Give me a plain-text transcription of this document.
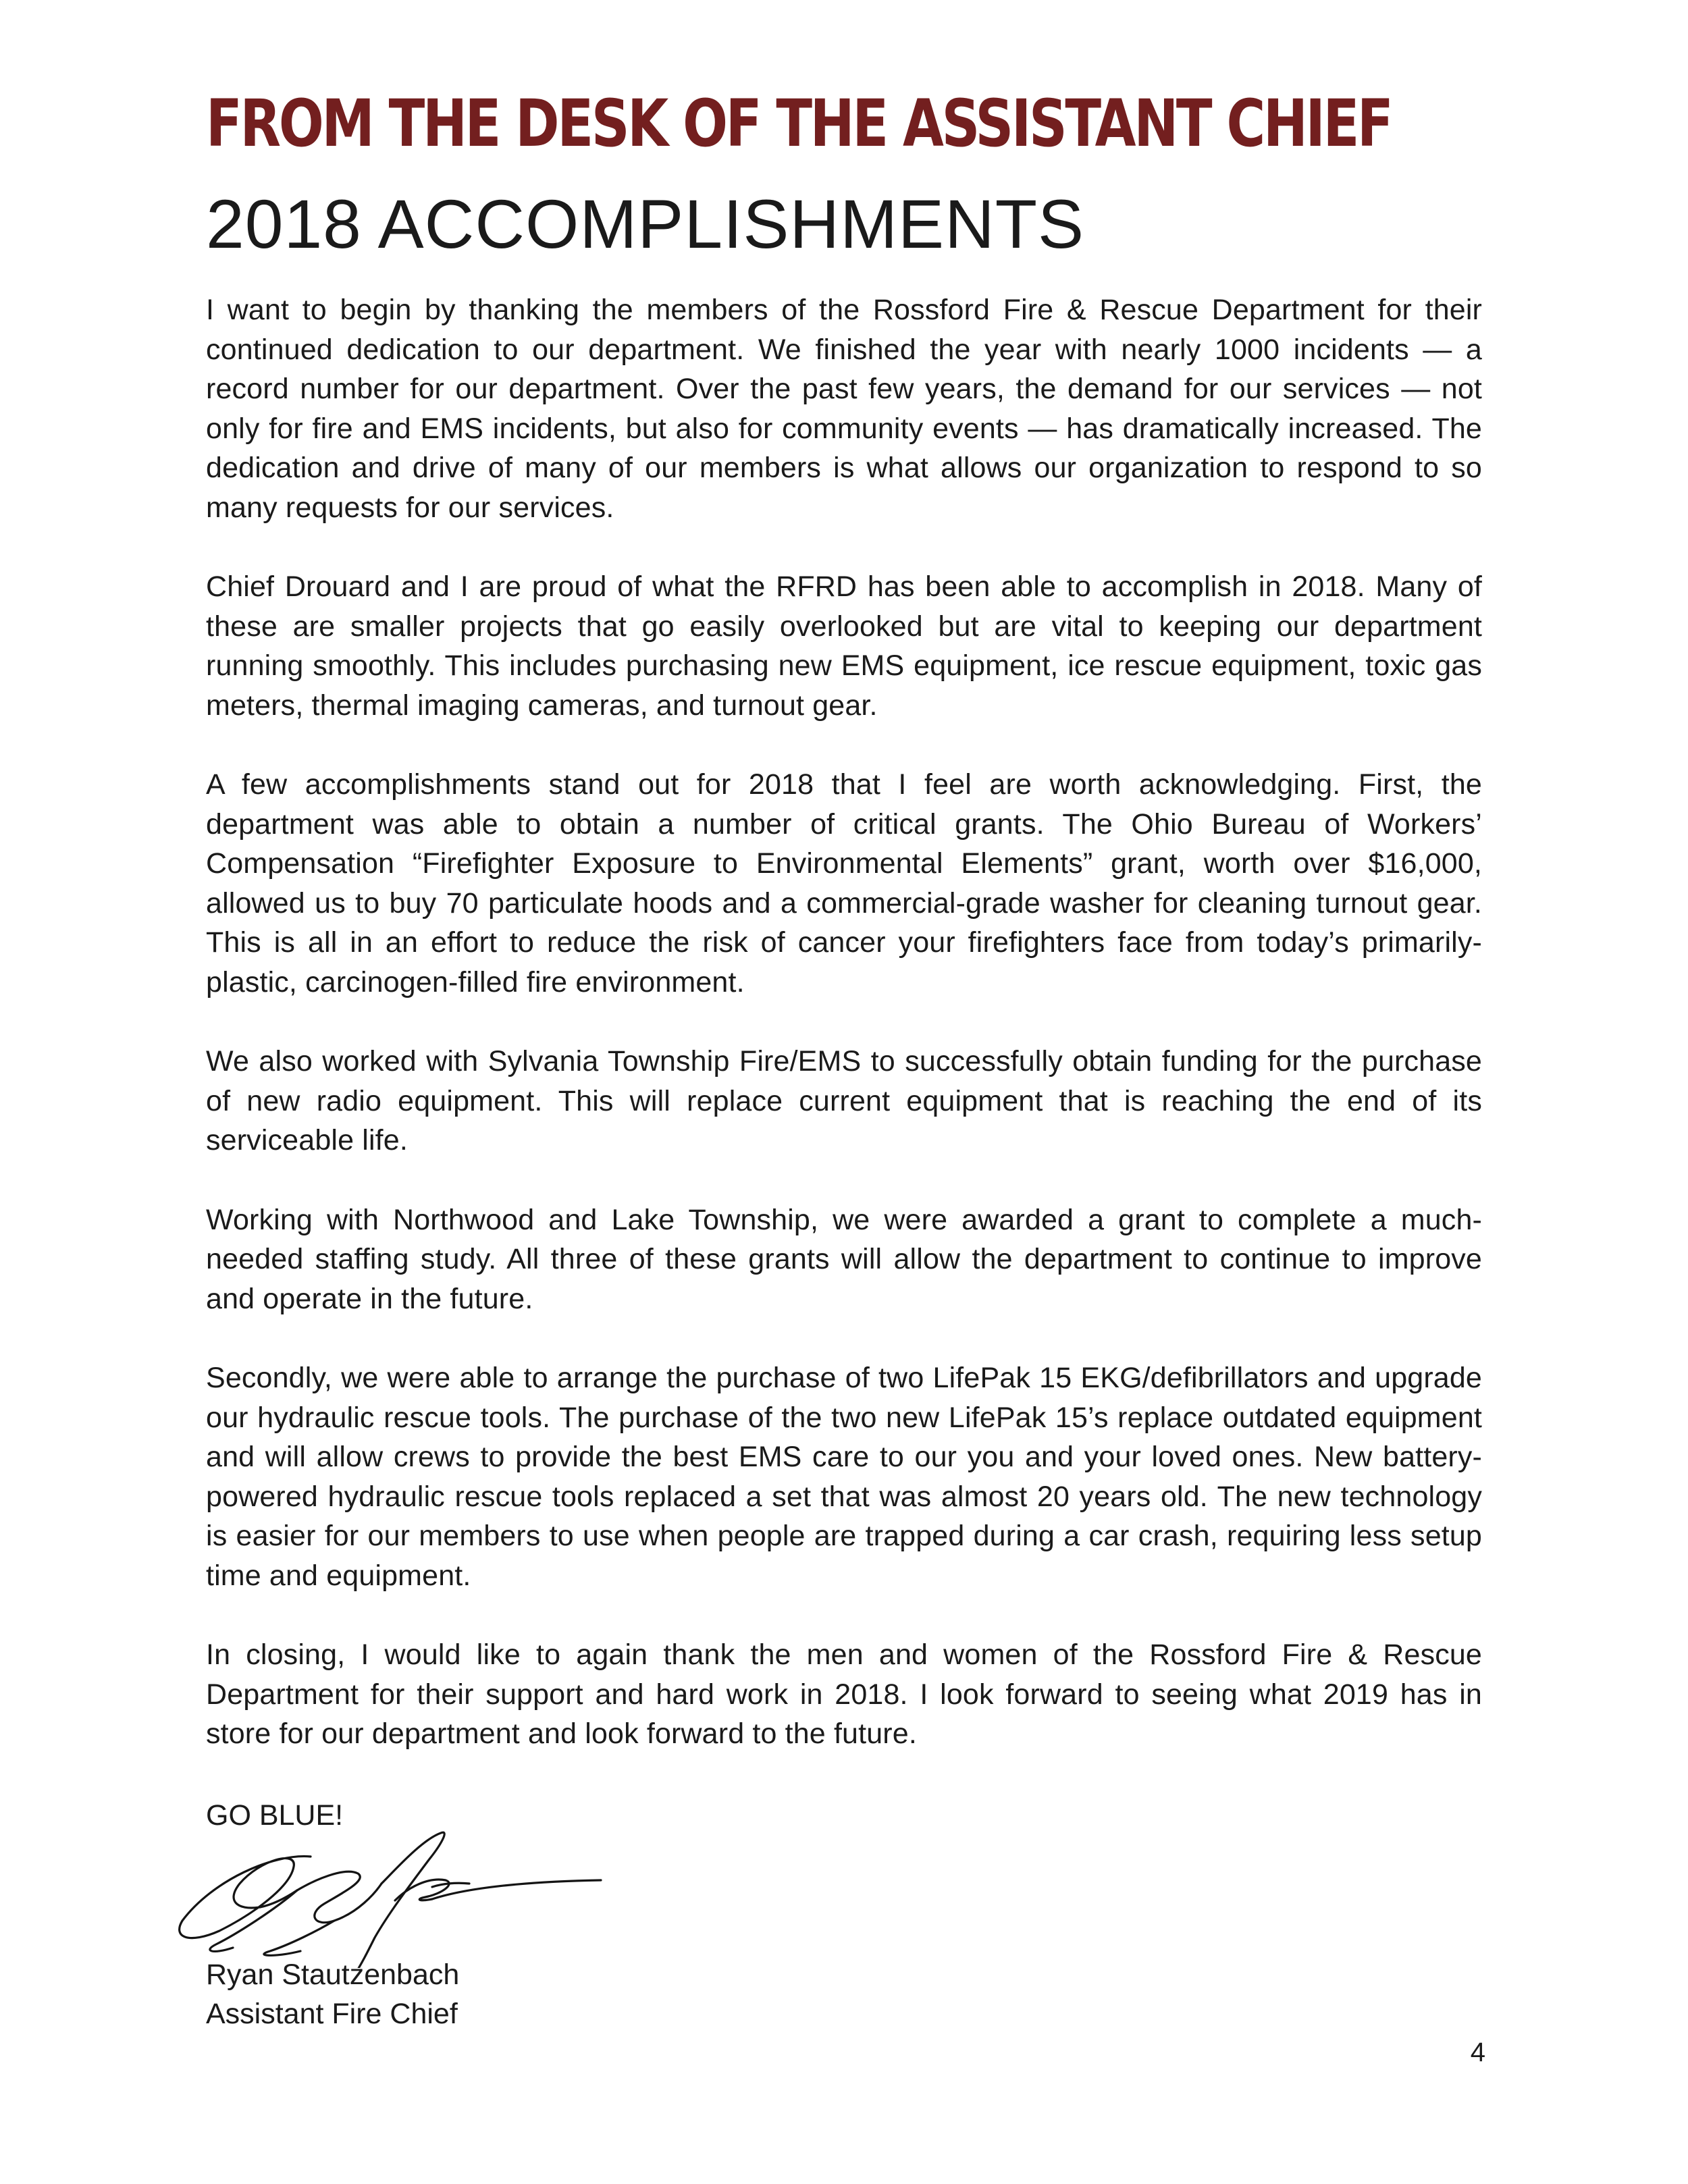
FROM THE DESK OF THE ASSISTANT CHIEF
2018 ACCOMPLISHMENTS

I want to begin by thanking the members of the Rossford Fire & Rescue Department for their continued dedication to our department. We finished the year with nearly 1000 incidents — a record number for our department. Over the past few years, the demand for our services — not only for fire and EMS incidents, but also for community events — has dramatically increased. The dedication and drive of many of our members is what allows our organization to respond to so many requests for our services.

Chief Drouard and I are proud of what the RFRD has been able to accomplish in 2018. Many of these are smaller projects that go easily overlooked but are vital to keeping our department running smoothly. This includes purchasing new EMS equipment, ice rescue equipment, toxic gas meters, thermal imaging cameras, and turnout gear.

A few accomplishments stand out for 2018 that I feel are worth acknowledging. First, the department was able to obtain a number of critical grants. The Ohio Bureau of Workers’ Compensation “Firefighter Exposure to Environmental Elements” grant, worth over $16,000, allowed us to buy 70 particulate hoods and a commercial-grade washer for cleaning turnout gear. This is all in an effort to reduce the risk of cancer your firefighters face from today’s primarily-plastic, carcinogen-filled fire environment.

We also worked with Sylvania Township Fire/EMS to successfully obtain funding for the purchase of new radio equipment. This will replace current equipment that is reaching the end of its serviceable life.

Working with Northwood and Lake Township, we were awarded a grant to complete a much-needed staffing study. All three of these grants will allow the department to continue to improve and operate in the future.

Secondly, we were able to arrange the purchase of two LifePak 15 EKG/defibrillators and upgrade our hydraulic rescue tools. The purchase of the two new LifePak 15’s replace outdated equipment and will allow crews to provide the best EMS care to our you and your loved ones. New battery-powered hydraulic rescue tools replaced a set that was almost 20 years old. The new technology is easier for our members to use when people are trapped during a car crash, requiring less setup time and equipment.

In closing, I would like to again thank the men and women of the Rossford Fire & Rescue Department for their support and hard work in 2018. I look forward to seeing what 2019 has in store for our department and look forward to the future.

GO BLUE!

Ryan Stautzenbach

Assistant Fire Chief

4
